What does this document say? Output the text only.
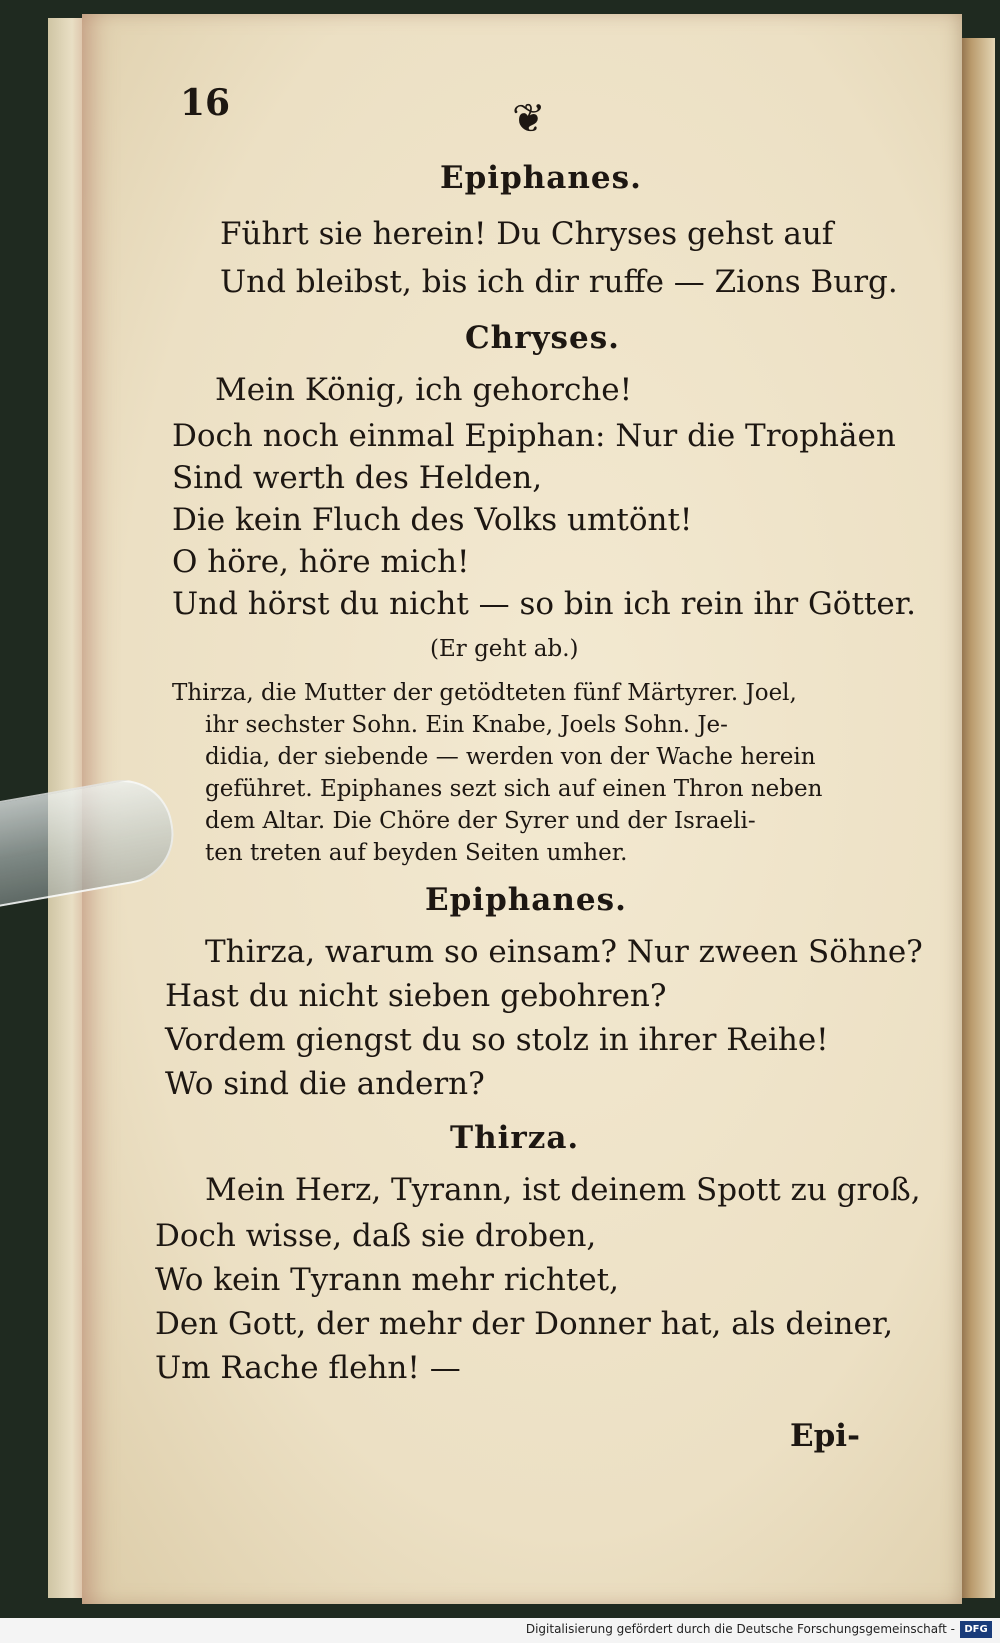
16	❦
Epiphanes.
Führt sie herein! Du Chryses gehst auf
Und bleibst, bis ich dir ruffe — Zions Burg.
Chryses.
Mein König, ich gehorche!
Doch noch einmal Epiphan: Nur die Trophäen
Sind werth des Helden,
Die kein Fluch des Volks umtönt!
O höre, höre mich!
Und hörst du nicht — so bin ich rein ihr Götter.
(Er geht ab.)
Thirza, die Mutter der getödteten fünf Märtyrer. Joel,
ihr sechster Sohn. Ein Knabe, Joels Sohn. Je-
didia, der siebende — werden von der Wache herein
geführet. Epiphanes sezt sich auf einen Thron neben
dem Altar. Die Chöre der Syrer und der Israeli-
ten treten auf beyden Seiten umher.
Epiphanes.
Thirza, warum so einsam? Nur zween Söhne?
Hast du nicht sieben gebohren?
Vordem giengst du so stolz in ihrer Reihe!
Wo sind die andern?
Thirza.
Mein Herz, Tyrann, ist deinem Spott zu groß,
Doch wisse, daß sie droben,
Wo kein Tyrann mehr richtet,
Den Gott, der mehr der Donner hat, als deiner,
Um Rache flehn! —
Epi-
Digitalisierung gefördert durch die Deutsche Forschungsgemeinschaft - DFG
